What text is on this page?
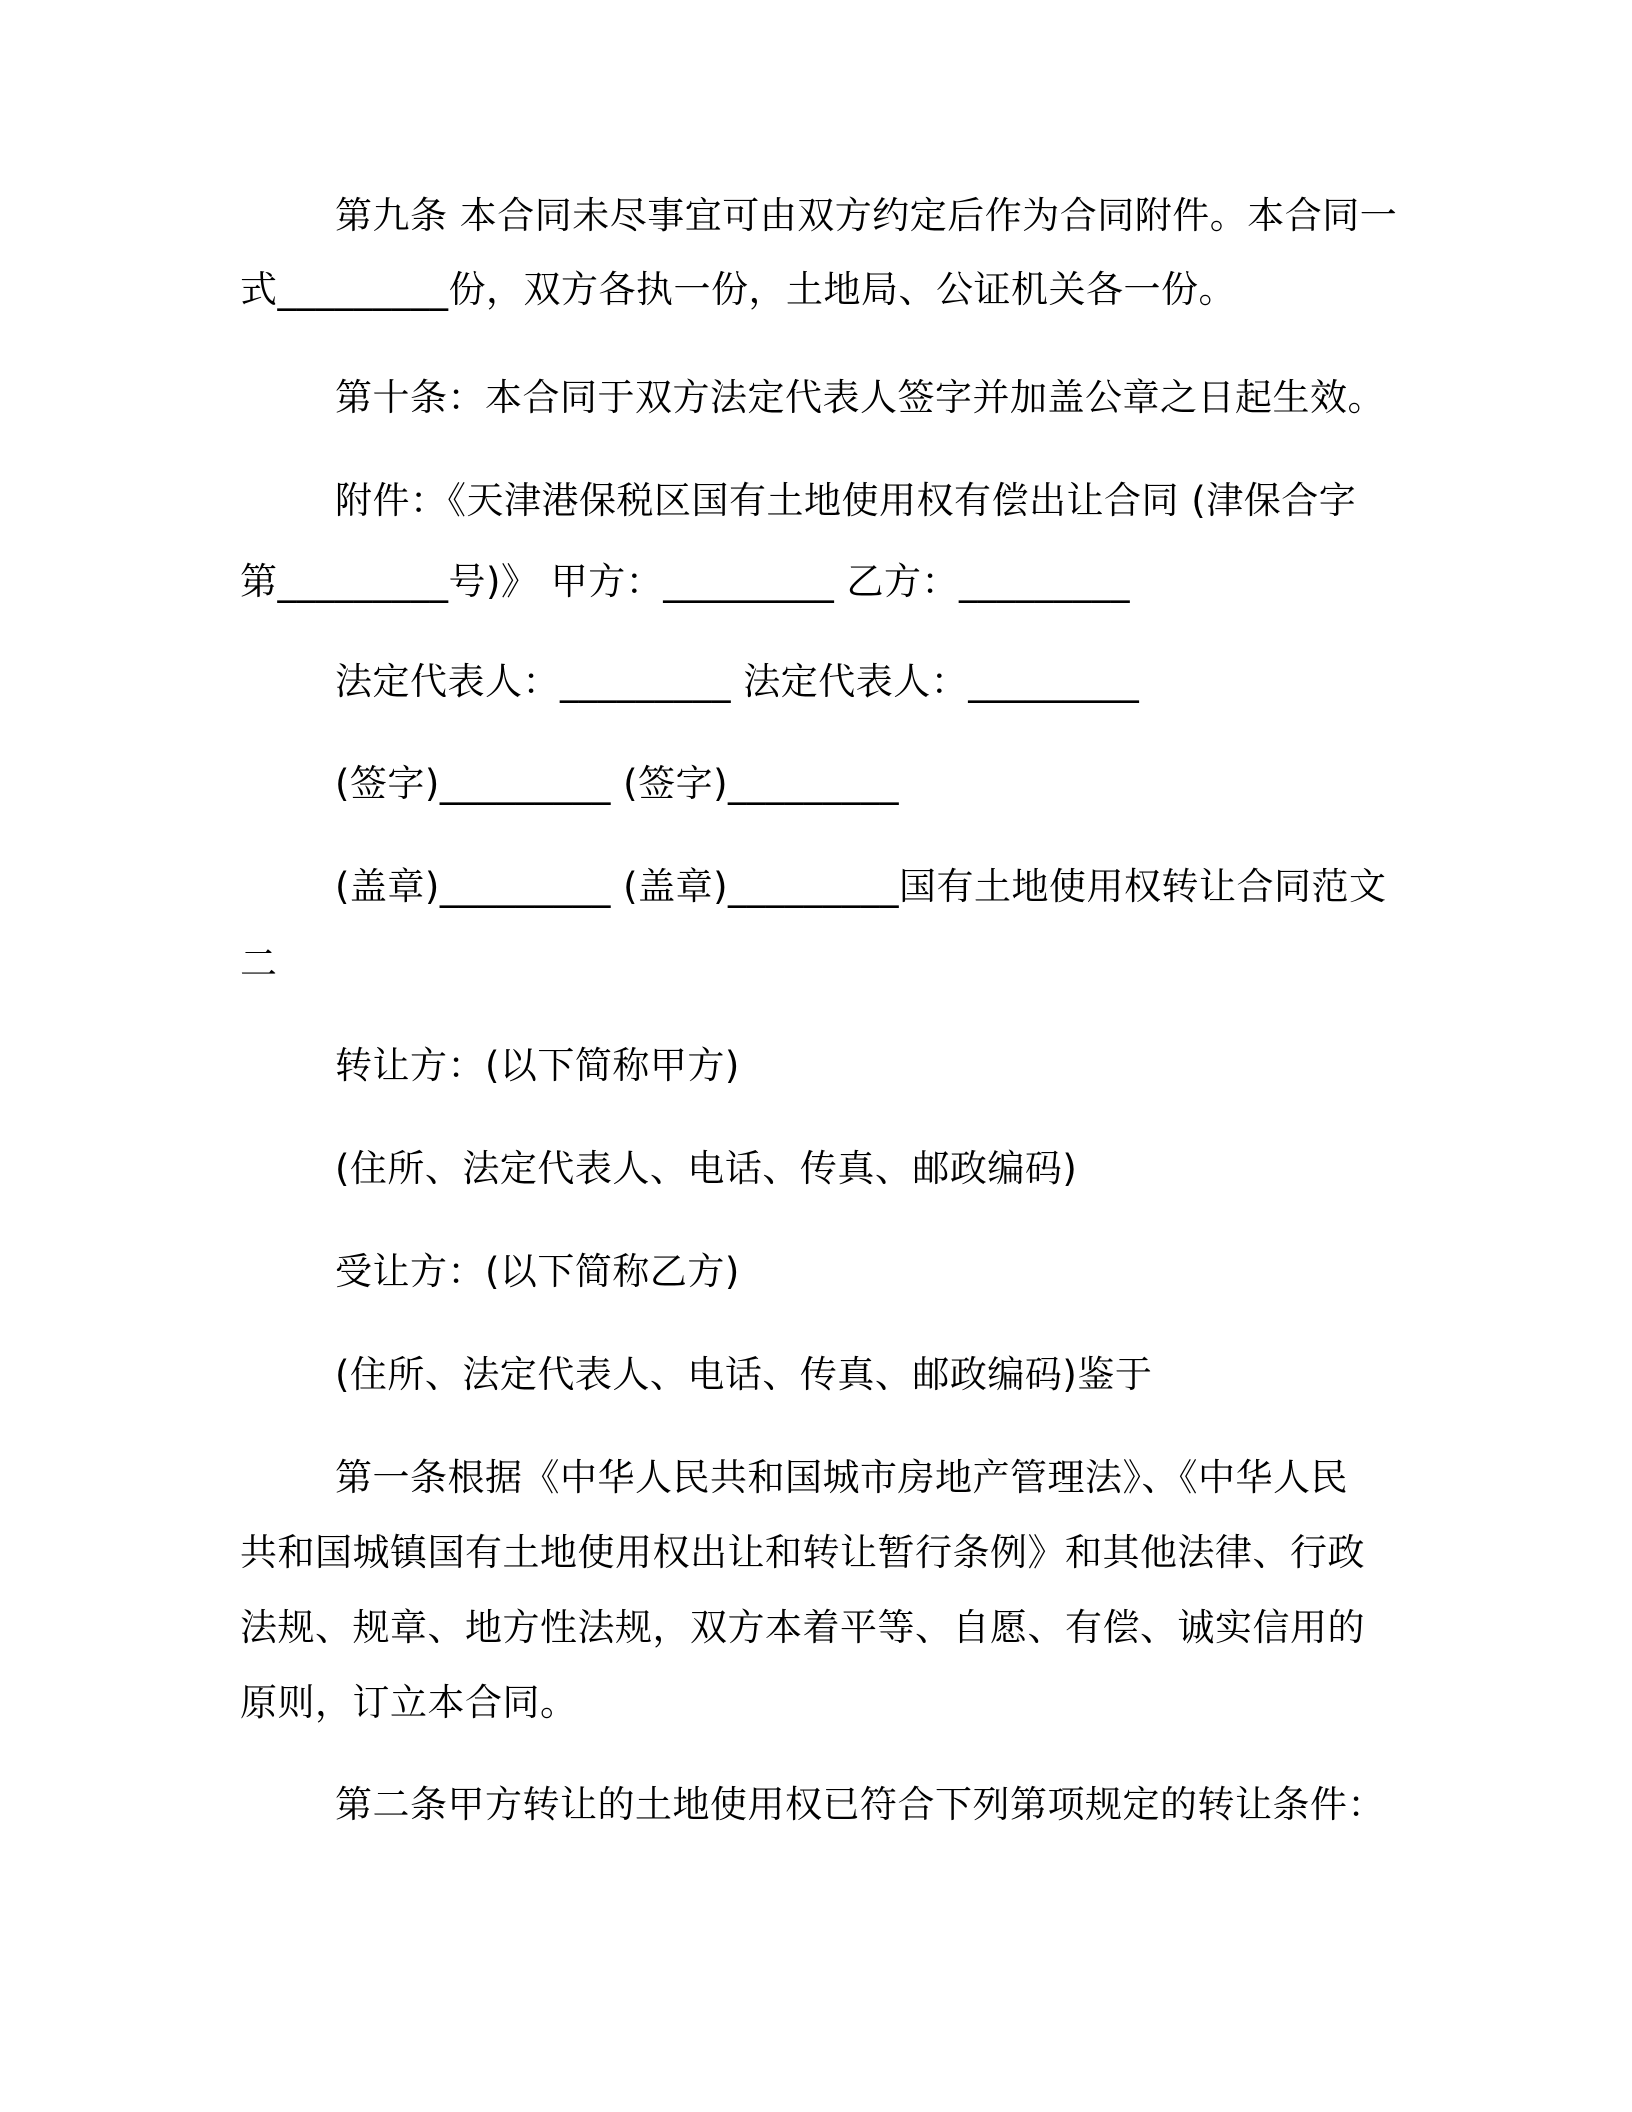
第九条 本合同未尽事宜可由双方约定后作为合同附件。本合同一
式_________份，双方各执一份，土地局、公证机关各一份。
第十条：本合同于双方法定代表人签字并加盖公章之日起生效。
附件：《天津港保税区国有土地使用权有偿出让合同 (津保合字
第_________号)》 甲方：_________ 乙方：_________
法定代表人：_________ 法定代表人：_________
(签字)_________ (签字)_________
(盖章)_________ (盖章)_________国有土地使用权转让合同范文
二
转让方：(以下简称甲方)
(住所、法定代表人、电话、传真、邮政编码)
受让方：(以下简称乙方)
(住所、法定代表人、电话、传真、邮政编码)鉴于
第一条根据《中华人民共和国城市房地产管理法》、《中华人民
共和国城镇国有土地使用权出让和转让暂行条例》和其他法律、行政
法规、规章、地方性法规，双方本着平等、自愿、有偿、诚实信用的
原则，订立本合同。
第二条甲方转让的土地使用权已符合下列第项规定的转让条件：
